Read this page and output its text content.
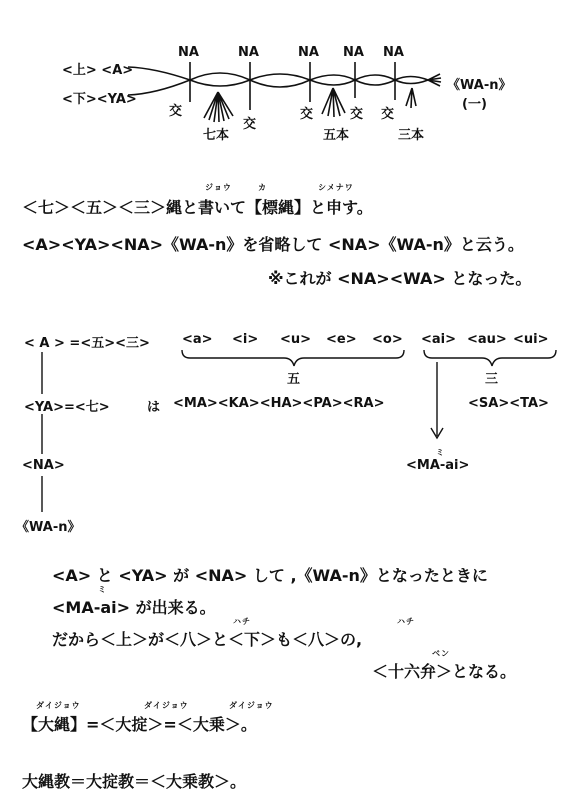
<上> <A>
<下><YA>
NA	NA	NA NA NA
交
交
交	交 交
七本	五本	三本
《WA-n》
(一)
ジョウ	カ	シメナワ
＜七＞＜五＞＜三＞縄と書いて【標縄】と申す。
<A><YA><NA>《WA-n》を省略して <NA>《WA-n》と云う。
※これが <NA><WA> となった。
< A > =<五><三> <a> <i> <u> <e> <o> <ai> <au> <ui>
五	三
<YA>=<七>	は <MA><KA><HA><PA><RA>	<SA><TA>
<NA>
ミ
<MA-ai>
《WA-n》
<A> と <YA> が <NA> して ,《WA-n》となったときに
ミ
<MA-ai> が出来る。
ハチ	ハチ
だから＜上＞が＜八＞と＜下＞も＜八＞の,
ベン
＜十六弁＞となる。
ダイジョウ	ダイジョウ	ダイジョウ
【大縄】=＜大掟＞=＜大乗＞。
大縄教＝大掟教＝＜大乗教＞。
